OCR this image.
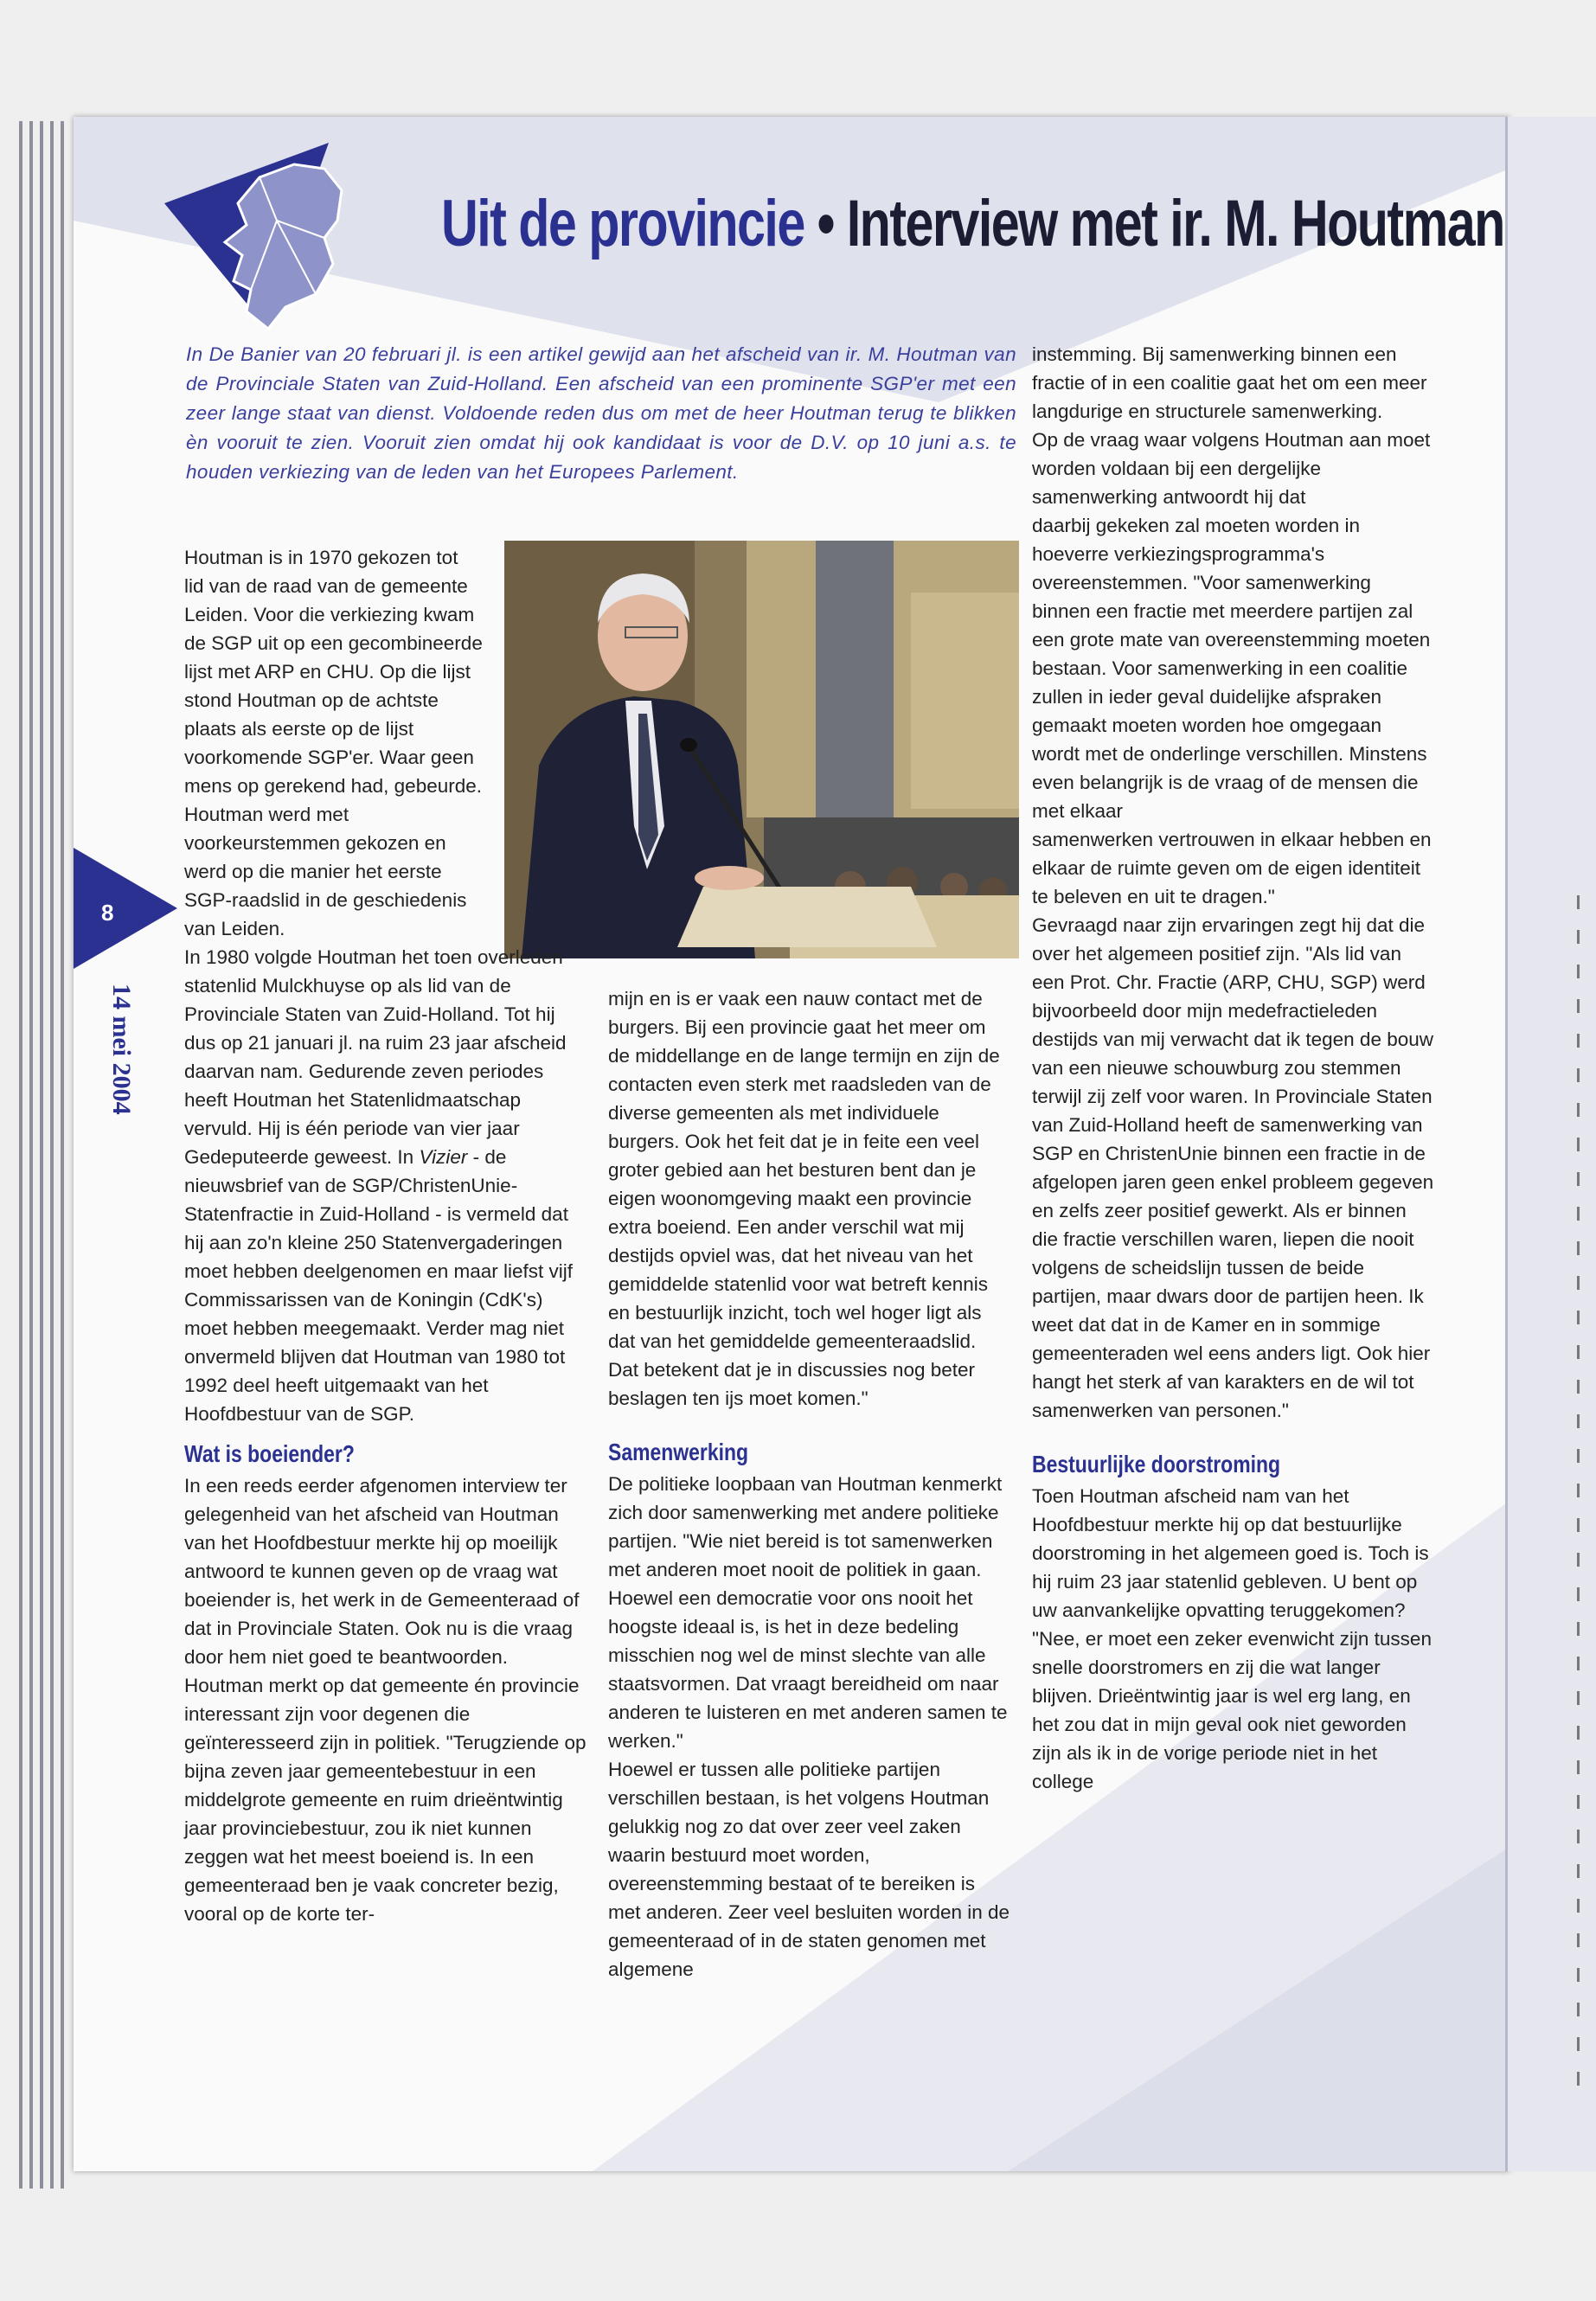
Uit de provincie • Interview met ir. M. Houtman
In De Banier van 20 februari jl. is een artikel gewijd aan het afscheid van ir. M. Houtman van de Provinciale Staten van Zuid-Holland. Een afscheid van een prominente SGP'er met een zeer lange staat van dienst. Voldoende reden dus om met de heer Houtman terug te blikken èn vooruit te zien. Vooruit zien omdat hij ook kandidaat is voor de D.V. op 10 juni a.s. te houden verkiezing van de leden van het Europees Parlement.
8
14 mei 2004

Houtman is in 1970 gekozen tot lid van de raad van de gemeente Leiden. Voor die verkiezing kwam de SGP uit op een gecombineerde lijst met ARP en CHU. Op die lijst stond Houtman op de achtste plaats als eerste op de lijst voorkomende SGP'er. Waar geen mens op gerekend had, gebeurde. Houtman werd met voorkeurstemmen gekozen en werd op die manier het eerste SGP-raadslid in de geschiedenis van Leiden.

In 1980 volgde Houtman het toen overleden statenlid Mulckhuyse op als lid van de Provinciale Staten van Zuid-Holland. Tot hij dus op 21 januari jl. na ruim 23 jaar afscheid daarvan nam. Gedurende zeven periodes heeft Houtman het Statenlidmaatschap vervuld. Hij is één periode van vier jaar Gedeputeerde geweest. In Vizier - de nieuwsbrief van de SGP/ChristenUnie-Statenfractie in Zuid-Holland - is vermeld dat hij aan zo'n kleine 250 Statenvergaderingen moet hebben deelgenomen en maar liefst vijf Commissarissen van de Koningin (CdK's) moet hebben meegemaakt. Verder mag niet onvermeld blijven dat Houtman van 1980 tot 1992 deel heeft uitgemaakt van het Hoofdbestuur van de SGP.

Wat is boeiender?

In een reeds eerder afgenomen interview ter gelegenheid van het afscheid van Houtman van het Hoofdbestuur merkte hij op moeilijk antwoord te kunnen geven op de vraag wat boeiender is, het werk in de Gemeenteraad of dat in Provinciale Staten. Ook nu is die vraag door hem niet goed te beantwoorden. Houtman merkt op dat gemeente én provincie interessant zijn voor degenen die geïnteresseerd zijn in politiek. "Terugziende op bijna zeven jaar gemeentebestuur in een middelgrote gemeente en ruim drieëntwintig jaar provinciebestuur, zou ik niet kunnen zeggen wat het meest boeiend is. In een gemeenteraad ben je vaak concreter bezig, vooral op de korte ter-

mijn en is er vaak een nauw contact met de burgers. Bij een provincie gaat het meer om de middellange en de lange termijn en zijn de contacten even sterk met raadsleden van de diverse gemeenten als met individuele burgers. Ook het feit dat je in feite een veel groter gebied aan het besturen bent dan je eigen woonomgeving maakt een provincie extra boeiend. Een ander verschil wat mij destijds opviel was, dat het niveau van het gemiddelde statenlid voor wat betreft kennis en bestuurlijk inzicht, toch wel hoger ligt als dat van het gemiddelde gemeenteraadslid. Dat betekent dat je in discussies nog beter beslagen ten ijs moet komen."

Samenwerking

De politieke loopbaan van Houtman kenmerkt zich door samenwerking met andere politieke partijen. "Wie niet bereid is tot samenwerken met anderen moet nooit de politiek in gaan. Hoewel een democratie voor ons nooit het hoogste ideaal is, is het in deze bedeling misschien nog wel de minst slechte van alle staatsvormen. Dat vraagt bereidheid om naar anderen te luisteren en met anderen samen te werken."

Hoewel er tussen alle politieke partijen verschillen bestaan, is het volgens Houtman gelukkig nog zo dat over zeer veel zaken waarin bestuurd moet worden, overeenstemming bestaat of te bereiken is met anderen. Zeer veel besluiten worden in de gemeenteraad of in de staten genomen met algemene

instemming. Bij samenwerking binnen een fractie of in een coalitie gaat het om een meer langdurige en structurele samenwerking.

Op de vraag waar volgens Houtman aan moet worden voldaan bij een dergelijke samenwerking antwoordt hij dat

daarbij gekeken zal moeten worden in hoeverre verkiezingsprogramma's overeenstemmen. "Voor samenwerking binnen een fractie met meerdere partijen zal een grote mate van overeenstemming moeten bestaan. Voor samenwerking in een coalitie zullen in ieder geval duidelijke afspraken gemaakt moeten worden hoe omgegaan wordt met de onderlinge verschillen. Minstens even belangrijk is de vraag of de mensen die met elkaar

samenwerken vertrouwen in elkaar hebben en elkaar de ruimte geven om de eigen identiteit te beleven en uit te dragen."

Gevraagd naar zijn ervaringen zegt hij dat die over het algemeen positief zijn. "Als lid van een Prot. Chr. Fractie (ARP, CHU, SGP) werd bijvoorbeeld door mijn medefractieleden destijds van mij verwacht dat ik tegen de bouw van een nieuwe schouwburg zou stemmen terwijl zij zelf voor waren. In Provinciale Staten van Zuid-Holland heeft de samenwerking van SGP en ChristenUnie binnen een fractie in de afgelopen jaren geen enkel probleem gegeven en zelfs zeer positief gewerkt. Als er binnen die fractie verschillen waren, liepen die nooit volgens de scheidslijn tussen de beide partijen, maar dwars door de partijen heen. Ik weet dat dat in de Kamer en in sommige gemeenteraden wel eens anders ligt. Ook hier hangt het sterk af van karakters en de wil tot samenwerken van personen."

Bestuurlijke doorstroming

Toen Houtman afscheid nam van het Hoofdbestuur merkte hij op dat bestuurlijke doorstroming in het algemeen goed is. Toch is hij ruim 23 jaar statenlid gebleven. U bent op uw aanvankelijke opvatting teruggekomen? "Nee, er moet een zeker evenwicht zijn tussen snelle doorstromers en zij die wat langer blijven. Drieëntwintig jaar is wel erg lang, en het zou dat in mijn geval ook niet geworden zijn als ik in de vorige periode niet in het college
